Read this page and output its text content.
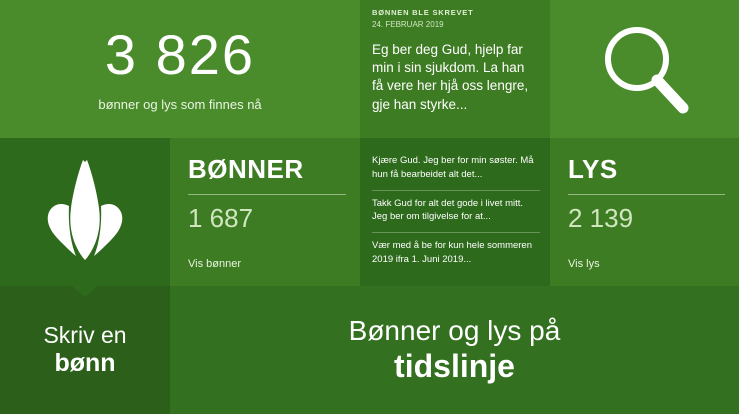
3 826
bønner og lys som finnes nå
BØNNEN BLE SKREVET
24. FEBRUAR 2019
Eg ber deg Gud, hjelp far min i sin sjukdom. La han få vere her hjå oss lengre, gje han styrke...
BØNNER
1 687
Vis bønner
Kjære Gud. Jeg ber for min søster. Må hun få bearbeidet alt det...
Takk Gud for alt det gode i livet mitt. Jeg ber om tilgivelse for at...
Vær med å be for kun hele sommeren 2019 ifra 1. Juni 2019...
LYS
2 139
Vis lys
Skriv en
bønn
Bønner og lys på
tidslinje
